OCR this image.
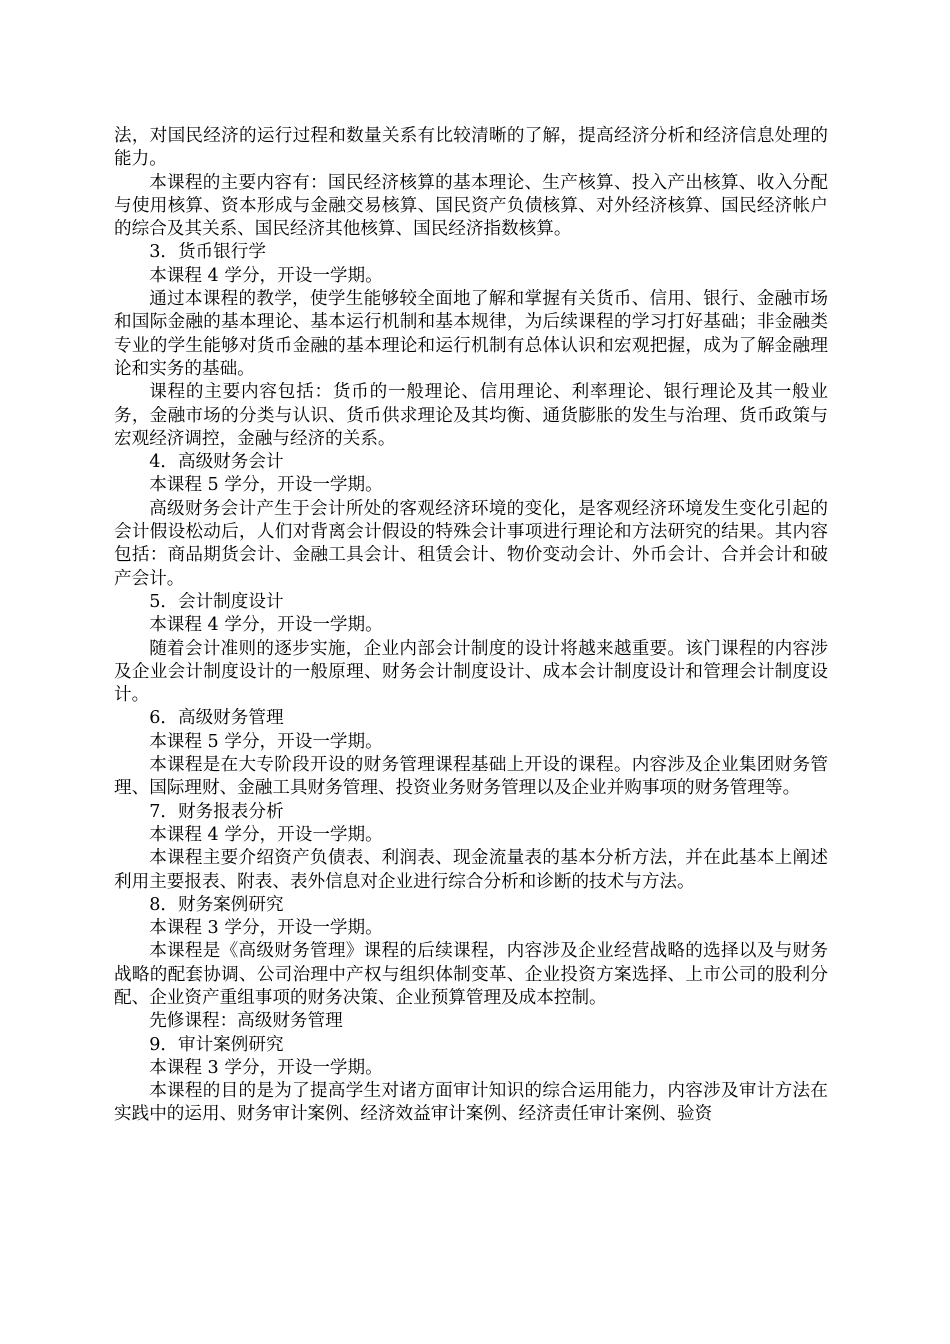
法，对国民经济的运行过程和数量关系有比较清晰的了解，提高经济分析和经济信息处理的能力。

本课程的主要内容有：国民经济核算的基本理论、生产核算、投入产出核算、收入分配与使用核算、资本形成与金融交易核算、国民资产负债核算、对外经济核算、国民经济帐户的综合及其关系、国民经济其他核算、国民经济指数核算。

3．货币银行学

本课程 4 学分，开设一学期。

通过本课程的教学，使学生能够较全面地了解和掌握有关货币、信用、银行、金融市场和国际金融的基本理论、基本运行机制和基本规律，为后续课程的学习打好基础；非金融类专业的学生能够对货币金融的基本理论和运行机制有总体认识和宏观把握，成为了解金融理论和实务的基础。

课程的主要内容包括：货币的一般理论、信用理论、利率理论、银行理论及其一般业务，金融市场的分类与认识、货币供求理论及其均衡、通货膨胀的发生与治理、货币政策与宏观经济调控，金融与经济的关系。

4．高级财务会计

本课程 5 学分，开设一学期。

高级财务会计产生于会计所处的客观经济环境的变化，是客观经济环境发生变化引起的会计假设松动后，人们对背离会计假设的特殊会计事项进行理论和方法研究的结果。其内容包括：商品期货会计、金融工具会计、租赁会计、物价变动会计、外币会计、合并会计和破产会计。

5．会计制度设计

本课程 4 学分，开设一学期。

随着会计准则的逐步实施，企业内部会计制度的设计将越来越重要。该门课程的内容涉及企业会计制度设计的一般原理、财务会计制度设计、成本会计制度设计和管理会计制度设计。

6．高级财务管理

本课程 5 学分，开设一学期。

本课程是在大专阶段开设的财务管理课程基础上开设的课程。内容涉及企业集团财务管理、国际理财、金融工具财务管理、投资业务财务管理以及企业并购事项的财务管理等。

7．财务报表分析

本课程 4 学分，开设一学期。

本课程主要介绍资产负债表、利润表、现金流量表的基本分析方法，并在此基本上阐述利用主要报表、附表、表外信息对企业进行综合分析和诊断的技术与方法。

8．财务案例研究

本课程 3 学分，开设一学期。

本课程是《高级财务管理》课程的后续课程，内容涉及企业经营战略的选择以及与财务战略的配套协调、公司治理中产权与组织体制变革、企业投资方案选择、上市公司的股利分配、企业资产重组事项的财务决策、企业预算管理及成本控制。

先修课程：高级财务管理

9．审计案例研究

本课程 3 学分，开设一学期。

本课程的目的是为了提高学生对诸方面审计知识的综合运用能力，内容涉及审计方法在实践中的运用、财务审计案例、经济效益审计案例、经济责任审计案例、验资
